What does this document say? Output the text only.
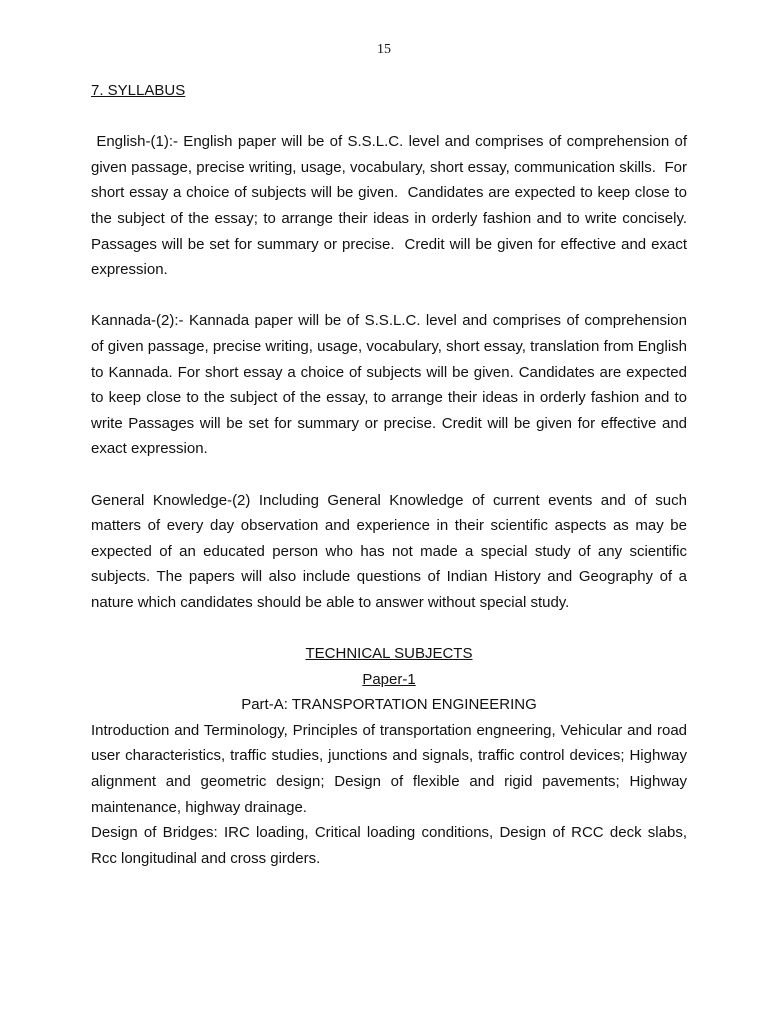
15

7. SYLLABUS

English-(1):- English paper will be of S.S.L.C. level and comprises of comprehension of given passage, precise writing, usage, vocabulary, short essay, communication skills.  For short essay a choice of subjects will be given.  Candidates are expected to keep close to the subject of the essay; to arrange their ideas in orderly fashion and to write concisely.  Passages will be set for summary or precise.  Credit will be given for effective and exact expression.

Kannada-(2):- Kannada paper will be of S.S.L.C. level and comprises of comprehension of given passage, precise writing, usage, vocabulary, short essay, translation from English to Kannada. For short essay a choice of subjects will be given. Candidates are expected to keep close to the subject of the essay, to arrange their ideas in orderly fashion and to write Passages will be set for summary or precise. Credit will be given for effective and exact expression.

General Knowledge-(2) Including General Knowledge of current events and of such matters of every day observation and experience in their scientific aspects as may be expected of an educated person who has not made a special study of any scientific subjects. The papers will also include questions of Indian History and Geography of a nature which candidates should be able to answer without special study.

TECHNICAL SUBJECTS

Paper-1

Part-A: TRANSPORTATION ENGINEERING

Introduction and Terminology, Principles of transportation engneering, Vehicular and road user characteristics, traffic studies, junctions and signals, traffic control devices; Highway alignment and geometric design; Design of flexible and rigid pavements; Highway maintenance, highway drainage.

Design of Bridges: IRC loading, Critical loading conditions, Design of RCC deck slabs, Rcc longitudinal and cross girders.
